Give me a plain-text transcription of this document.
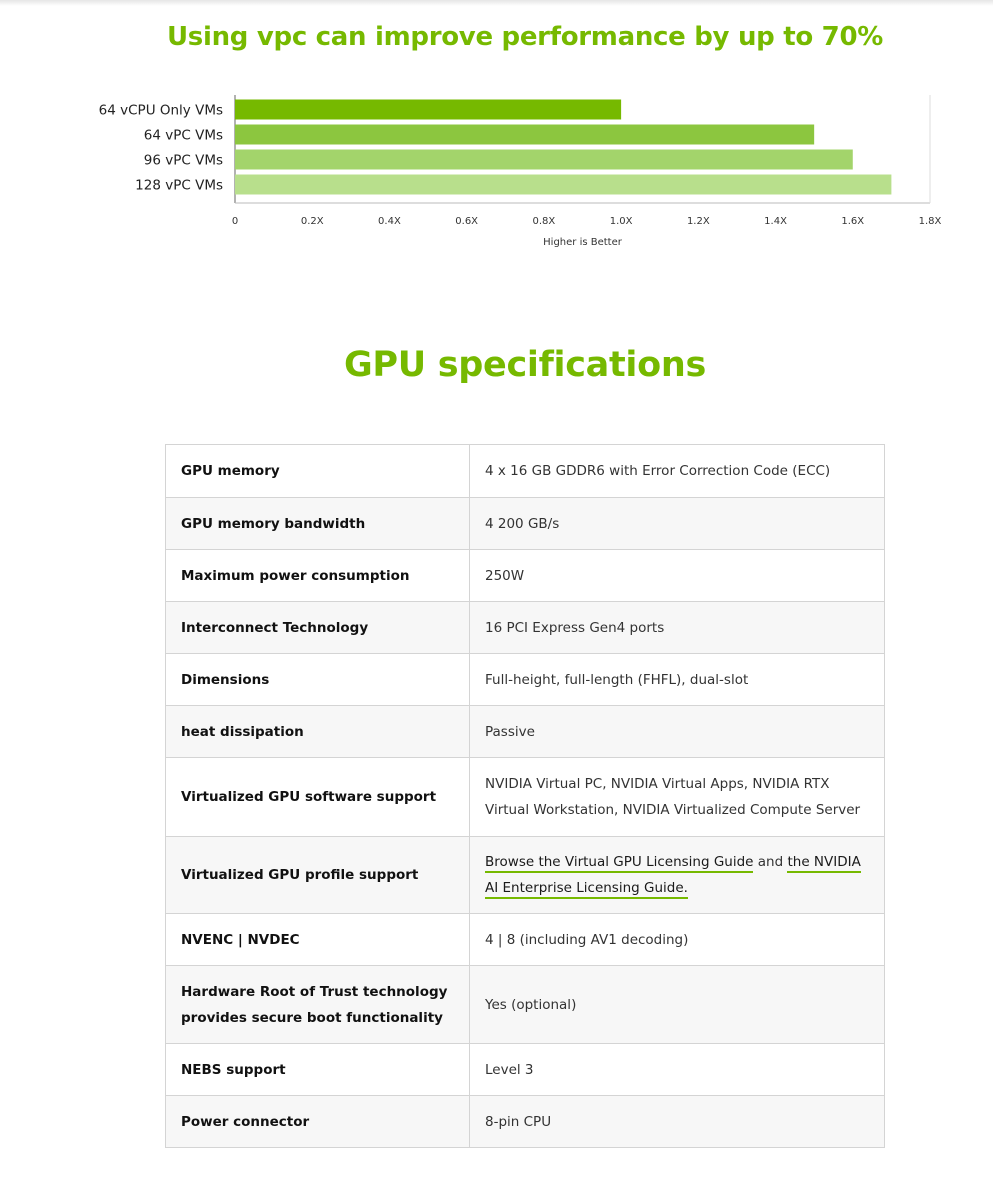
Using vpc can improve performance by up to 70%
64 vCPU Only VMs
64 vPC VMs
96 vPC VMs
128 vPC VMs
0	0.2X	0.4X	0.6X	0.8X	1.0X	1.2X	1.4X	1.6X	1.8X
Higher is Better
GPU specifications
GPU memory	4 x 16 GB GDDR6 with Error Correction Code (ECC)
GPU memory bandwidth	4 200 GB/s
Maximum power consumption	250W
Interconnect Technology	16 PCI Express Gen4 ports
Dimensions	Full-height, full-length (FHFL), dual-slot
heat dissipation	Passive
Virtualized GPU software support	NVIDIA Virtual PC, NVIDIA Virtual Apps, NVIDIA RTX Virtual Workstation, NVIDIA Virtualized Compute Server
Virtualized GPU profile support	Browse the Virtual GPU Licensing Guide and the NVIDIA AI Enterprise Licensing Guide.
NVENC | NVDEC	4 | 8 (including AV1 decoding)
Hardware Root of Trust technology provides secure boot functionality	Yes (optional)
NEBS support	Level 3
Power connector	8-pin CPU
